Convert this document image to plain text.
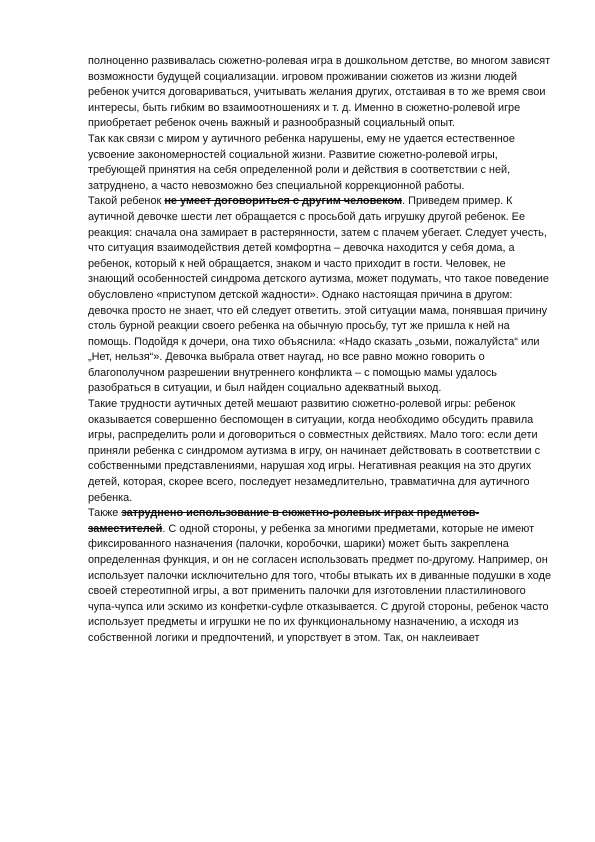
полноценно развивалась сюжетно-ролевая игра в дошкольном детстве, во многом зависят возможности будущей социализации. игровом проживании сюжетов из жизни людей ребенок учится договариваться, учитывать желания других, отстаивая в то же время свои интересы, быть гибким во взаимоотношениях и т. д. Именно в сюжетно-ролевой игре приобретает ребенок очень важный и разнообразный социальный опыт.

Так как связи с миром у аутичного ребенка нарушены, ему не удается естественное усвоение закономерностей социальной жизни. Развитие сюжетно-ролевой игры, требующей принятия на себя определенной роли и действия в соответствии с ней, затруднено, а часто невозможно без специальной коррекционной работы.

Такой ребенок не умеет договориться с другим человеком. Приведем пример. К аутичной девочке шести лет обращается с просьбой дать игрушку другой ребенок. Ее реакция: сначала она замирает в растерянности, затем с плачем убегает. Следует учесть, что ситуация взаимодействия детей комфортна – девочка находится у себя дома, а ребенок, который к ней обращается, знаком и часто приходит в гости. Человек, не знающий особенностей синдрома детского аутизма, может подумать, что такое поведение обусловлено «приступом детской жадности». Однако настоящая причина в другом: девочка просто не знает, что ей следует ответить. этой ситуации мама, понявшая причину столь бурной реакции своего ребенка на обычную просьбу, тут же пришла к ней на помощь. Подойдя к дочери, она тихо объяснила: «Надо сказать „озьми, пожалуйста“ или „Нет, нельзя“». Девочка выбрала ответ наугад, но все равно можно говорить о благополучном разрешении внутреннего конфликта – с помощью мамы удалось разобраться в ситуации, и был найден социально адекватный выход.

Такие трудности аутичных детей мешают развитию сюжетно-ролевой игры: ребенок оказывается совершенно беспомощен в ситуации, когда необходимо обсудить правила игры, распределить роли и договориться о совместных действиях. Мало того: если дети приняли ребенка с синдромом аутизма в игру, он начинает действовать в соответствии с собственными представлениями, нарушая ход игры. Негативная реакция на это других детей, которая, скорее всего, последует незамедлительно, травматична для аутичного ребенка.

Также затруднено использование в сюжетно-ролевых играх предметов-заместителей. С одной стороны, у ребенка за многими предметами, которые не имеют фиксированного назначения (палочки, коробочки, шарики) может быть закреплена определенная функция, и он не согласен использовать предмет по-другому. Например, он использует палочки исключительно для того, чтобы втыкать их в диванные подушки в ходе своей стереотипной игры, а вот применить палочки для изготовлении пластилинового чупа-чупса или эскимо из конфетки-суфле отказывается. С другой стороны, ребенок часто использует предметы и игрушки не по их функциональному назначению, а исходя из собственной логики и предпочтений, и упорствует в этом. Так, он наклеивает
